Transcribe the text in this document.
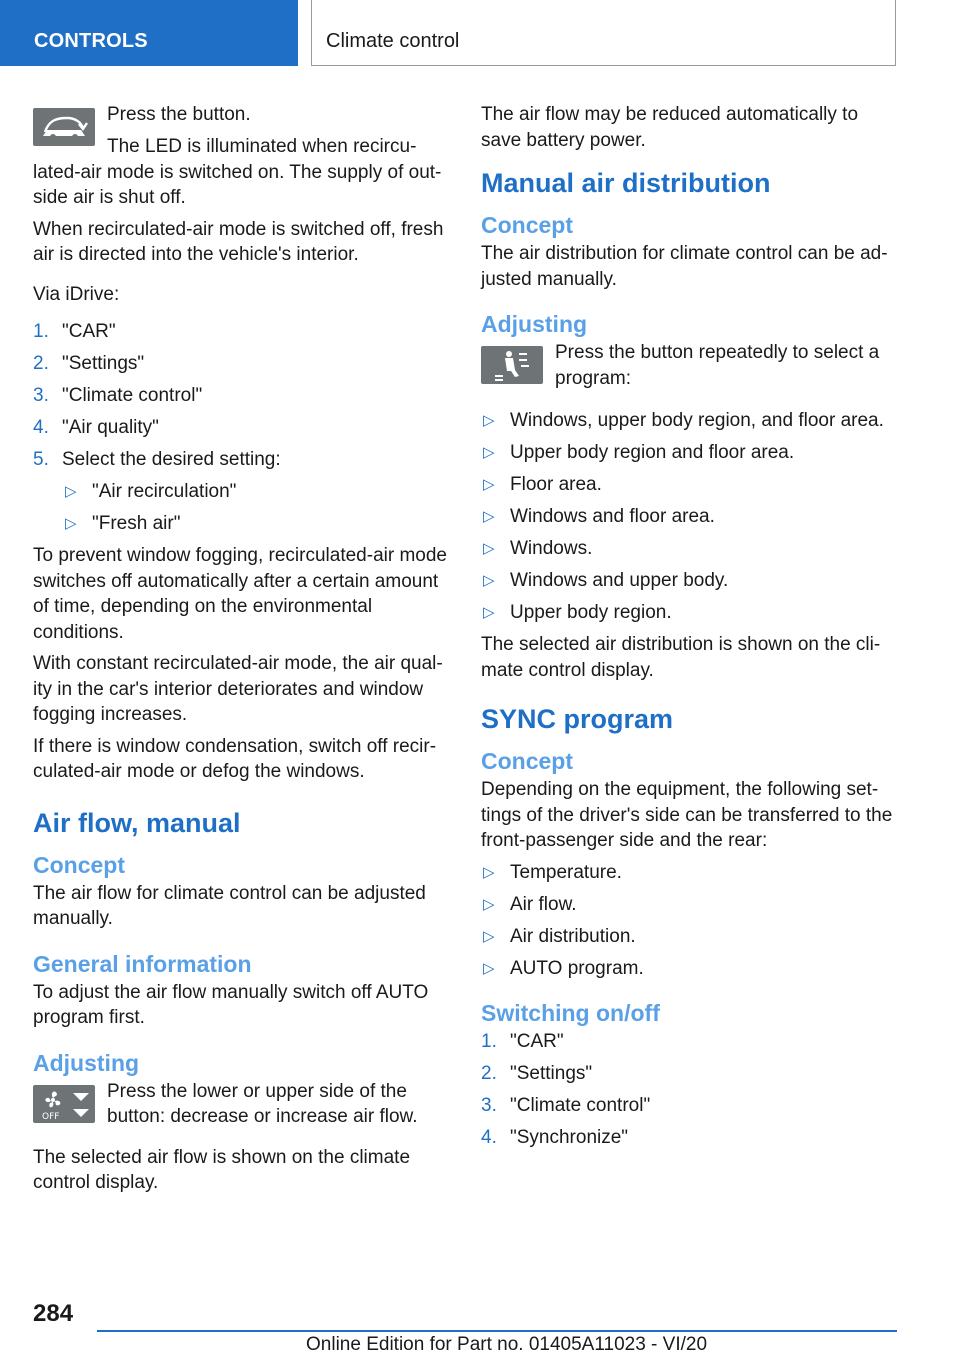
CONTROLS	Climate control

Press the button.

The LED is illuminated when recircu‐lated-air mode is switched on. The supply of out‐side air is shut off.

When recirculated-air mode is switched off, fresh air is directed into the vehicle's interior.

Via iDrive:

1. "CAR"
2. "Settings"
3. "Climate control"
4. "Air quality"
5. Select the desired setting:
▷ "Air recirculation"
▷ "Fresh air"

To prevent window fogging, recirculated-air mode switches off automatically after a certain amount of time, depending on the environmental conditions.

With constant recirculated-air mode, the air qual‐ity in the car's interior deteriorates and window fogging increases.

If there is window condensation, switch off recir‐culated-air mode or defog the windows.

Air flow, manual
Concept

The air flow for climate control can be adjusted manually.

General information

To adjust the air flow manually switch off AUTO program first.

Adjusting
OFF

Press the lower or upper side of the button: decrease or increase air flow.

The selected air flow is shown on the climate control display.

The air flow may be reduced automatically to save battery power.

Manual air distribution
Concept

The air distribution for climate control can be ad‐justed manually.

Adjusting

Press the button repeatedly to select a program:

▷ Windows, upper body region, and floor area.
▷ Upper body region and floor area.
▷ Floor area.
▷ Windows and floor area.
▷ Windows.
▷ Windows and upper body.
▷ Upper body region.

The selected air distribution is shown on the cli‐mate control display.

SYNC program
Concept

Depending on the equipment, the following set‐tings of the driver's side can be transferred to the front-passenger side and the rear:

▷ Temperature.
▷ Air flow.
▷ Air distribution.
▷ AUTO program.
Switching on/off
1. "CAR"
2. "Settings"
3. "Climate control"
4. "Synchronize"
284
Online Edition for Part no. 01405A11023 - VI/20
